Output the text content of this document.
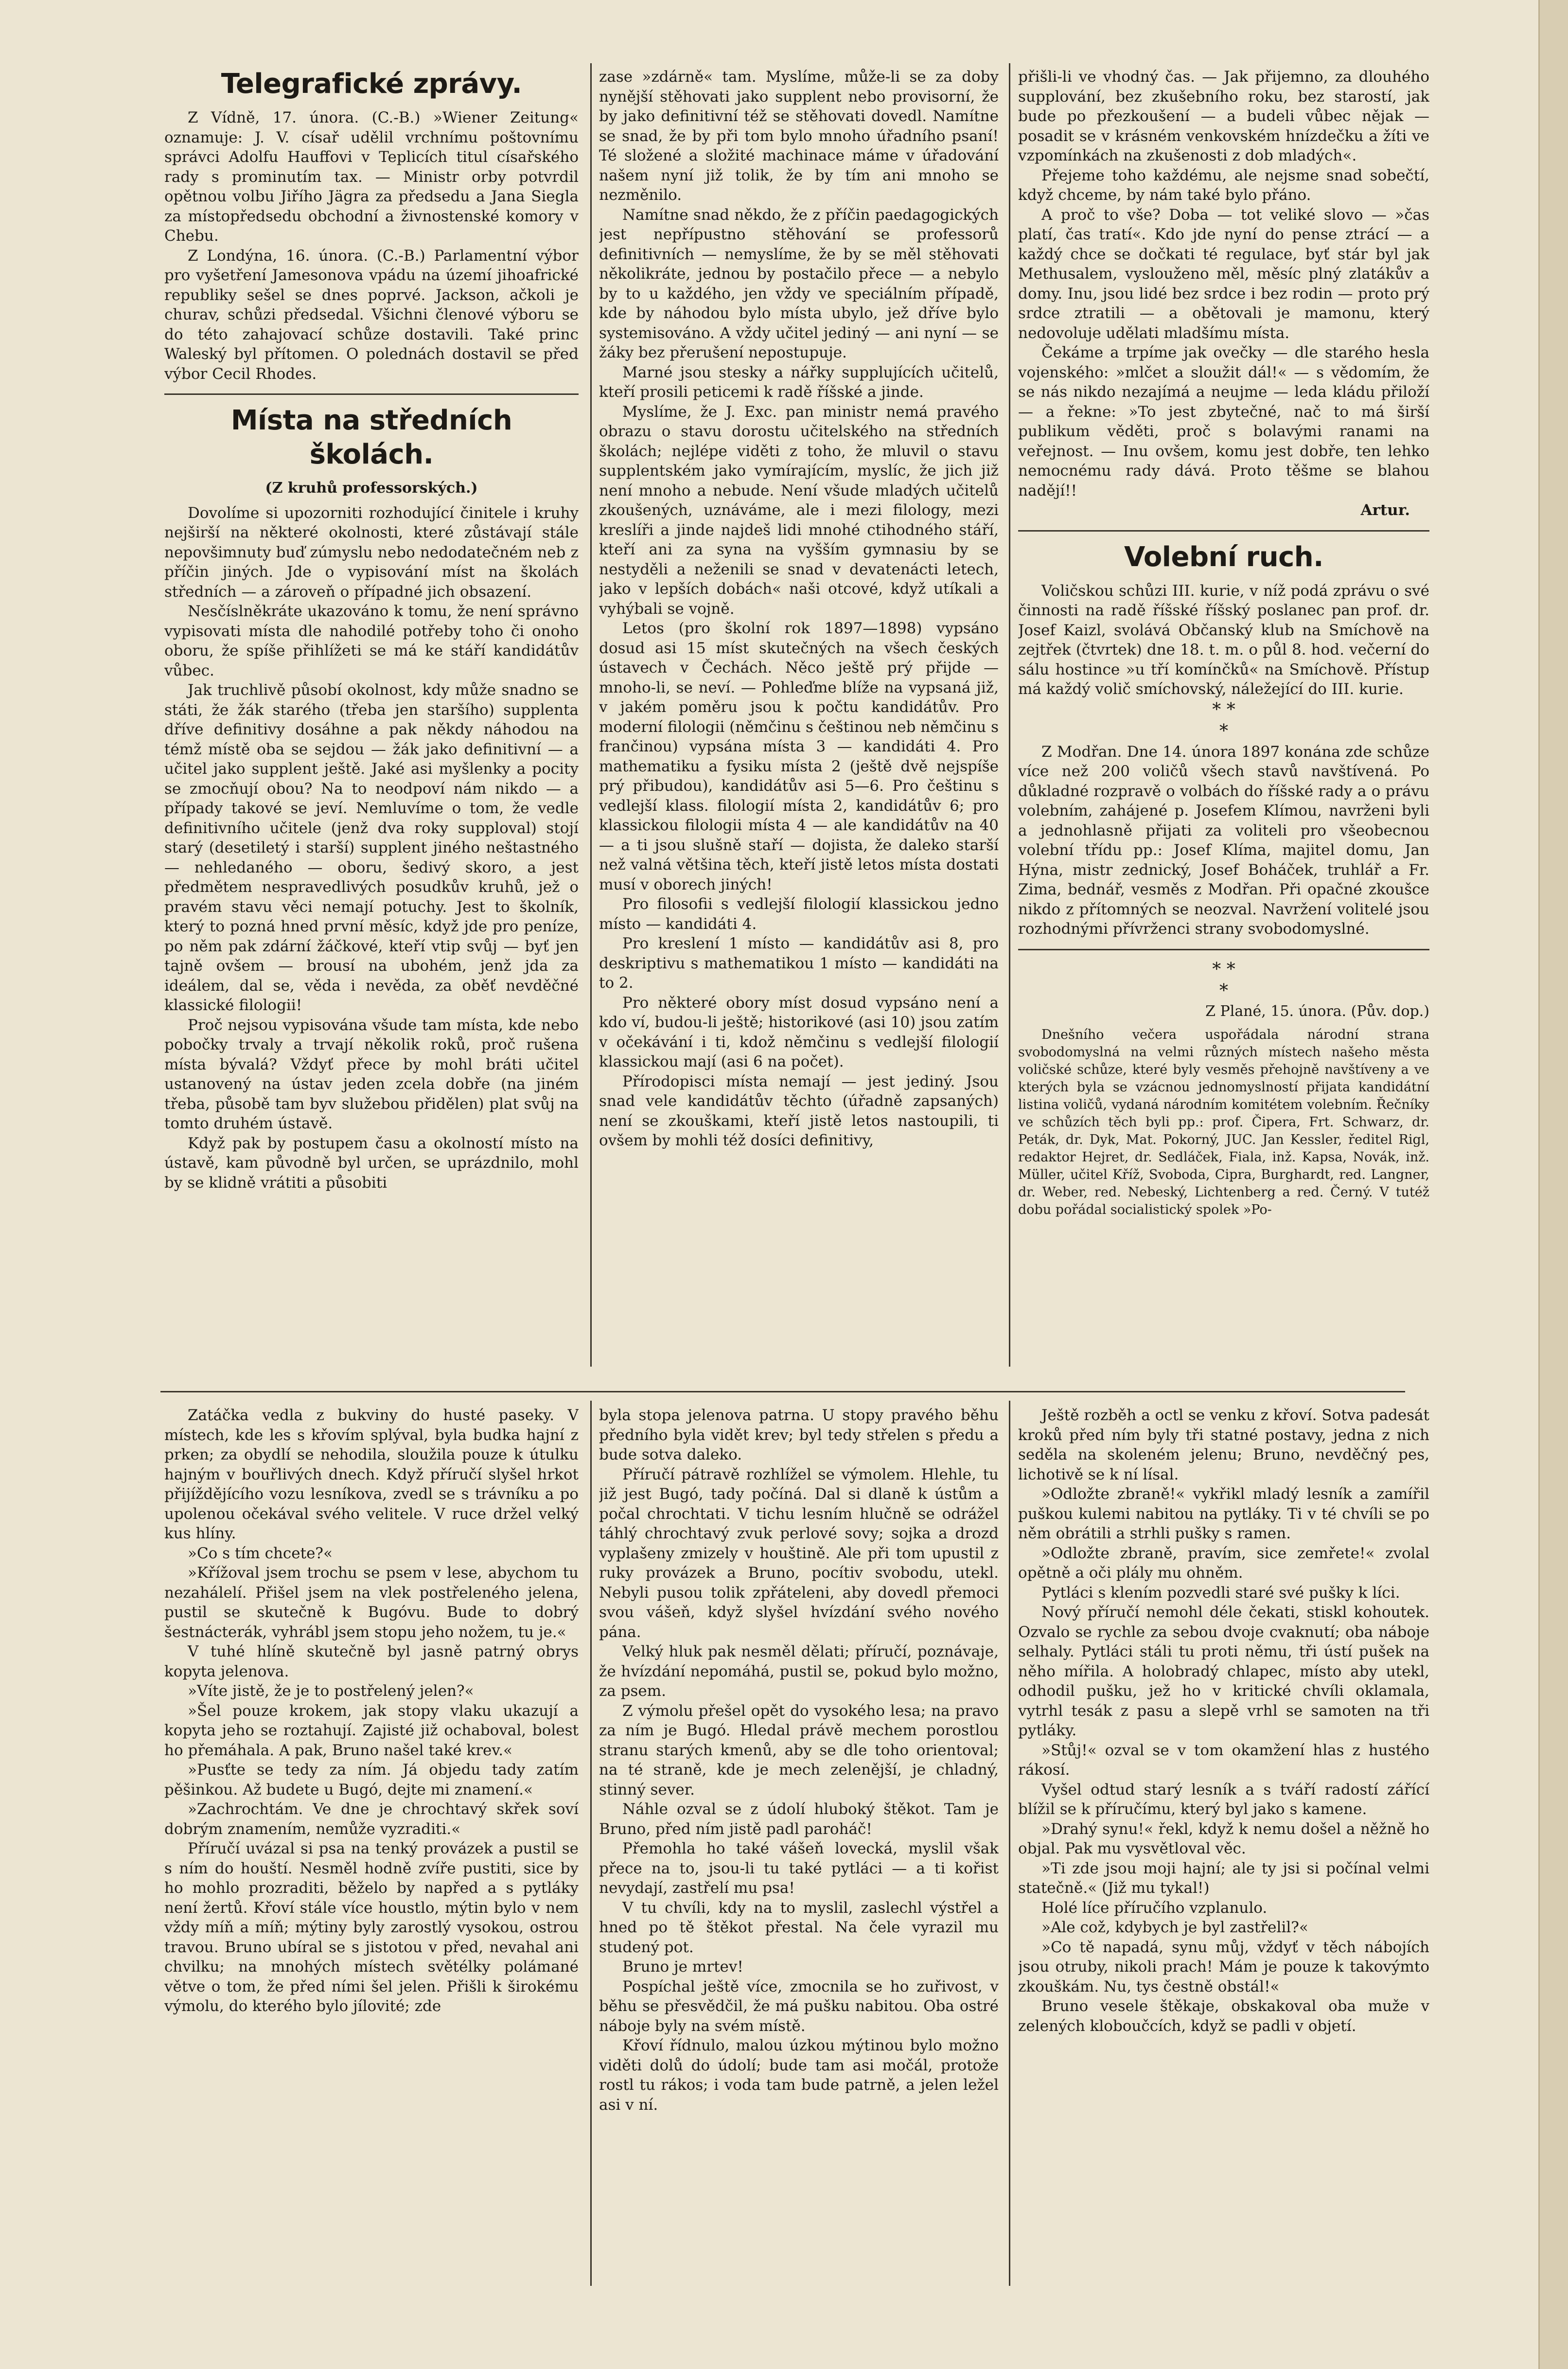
Telegrafické zprávy.

Z Vídně, 17. února. (C.-B.) »Wiener Zeitung« oznamuje: J. V. císař udělil vrchnímu poštovnímu správci Adolfu Hauffovi v Teplicích titul císařského rady s prominutím tax. — Ministr orby potvrdil opětnou volbu Jiřího Jägra za předsedu a Jana Siegla za místopředsedu obchodní a živnostenské komory v Chebu.

Z Londýna, 16. února. (C.-B.) Parlamentní výbor pro vyšetření Jamesonova vpádu na území jihoafrické republiky sešel se dnes poprvé. Jackson, ačkoli je churav, schůzi předsedal. Všichni členové výboru se do této zahajovací schůze dostavili. Také princ Waleský byl přítomen. O polednách dostavil se před výbor Cecil Rhodes.

Místa na středních školách.
(Z kruhů professorských.)

Dovolíme si upozorniti rozhodující činitele i kruhy nejširší na některé okolnosti, které zůstávají stále nepovšimnuty buď zúmyslu nebo nedodatečném neb z příčin jiných. Jde o vypisování míst na školách středních — a zároveň o případné jich obsazení.

Nesčíslněkráte ukazováno k tomu, že není správno vypisovati místa dle nahodilé potřeby toho či onoho oboru, že spíše přihlížeti se má ke stáří kandidátův vůbec.

Jak truchlivě působí okolnost, kdy může snadno se státi, že žák starého (třeba jen staršího) supplenta dříve definitivy dosáhne a pak někdy náhodou na témž místě oba se sejdou — žák jako definitivní — a učitel jako supplent ještě. Jaké asi myšlenky a pocity se zmocňují obou? Na to neodpoví nám nikdo — a případy takové se jeví. Nemluvíme o tom, že vedle definitivního učitele (jenž dva roky supploval) stojí starý (desetiletý i starší) supplent jiného neštastného — nehledaného — oboru, šedivý skoro, a jest předmětem nespravedlivých posudkův kruhů, jež o pravém stavu věci nemají potuchy. Jest to školník, který to pozná hned první měsíc, když jde pro peníze, po něm pak zdární žáčkové, kteří vtip svůj — byť jen tajně ovšem — brousí na ubohém, jenž jda za ideálem, dal se, věda i nevěda, za oběť nevděčné klassické filologii!

Proč nejsou vypisována všude tam místa, kde nebo pobočky trvaly a trvají několik roků, proč rušena místa bývalá? Vždyť přece by mohl bráti učitel ustanovený na ústav jeden zcela dobře (na jiném třeba, působě tam byv služebou přidělen) plat svůj na tomto druhém ústavě.

Když pak by postupem času a okolností místo na ústavě, kam původně byl určen, se uprázdnilo, mohl by se klidně vrátiti a působiti

zase »zdárně« tam. Myslíme, může-li se za doby nynější stěhovati jako supplent nebo provisorní, že by jako definitivní též se stěhovati dovedl. Namítne se snad, že by při tom bylo mnoho úřadního psaní! Té složené a složité machinace máme v úřadování našem nyní již tolik, že by tím ani mnoho se nezměnilo.

Namítne snad někdo, že z příčin paedagogických jest nepřípustno stěhování se professorů definitivních — nemyslíme, že by se měl stěhovati několikráte, jednou by postačilo přece — a nebylo by to u každého, jen vždy ve speciálním případě, kde by náhodou bylo místa ubylo, jež dříve bylo systemisováno. A vždy učitel jediný — ani nyní — se žáky bez přerušení nepostupuje.

Marné jsou stesky a nářky supplujících učitelů, kteří prosili peticemi k radě říšské a jinde.

Myslíme, že J. Exc. pan ministr nemá pravého obrazu o stavu dorostu učitelského na středních školách; nejlépe viděti z toho, že mluvil o stavu supplentském jako vymírajícím, myslíc, že jich již není mnoho a nebude. Není všude mladých učitelů zkoušených, uznáváme, ale i mezi filology, mezi kreslíři a jinde najdeš lidi mnohé ctihodného stáří, kteří ani za syna na vyšším gymnasiu by se nestyděli a neženili se snad v devatenácti letech, jako v lepších dobách« naši otcové, když utíkali a vyhýbali se vojně.

Letos (pro školní rok 1897—1898) vypsáno dosud asi 15 míst skutečných na všech českých ústavech v Čechách. Něco ještě prý přijde — mnoho-li, se neví. — Pohleďme blíže na vypsaná již, v jakém poměru jsou k počtu kandidátův. Pro moderní filologii (němčinu s češtinou neb němčinu s frančinou) vypsána místa 3 — kandidáti 4. Pro mathematiku a fysiku místa 2 (ještě dvě nejspíše prý přibudou), kandidátův asi 5—6. Pro češtinu s vedlejší klass. filologií místa 2, kandidátův 6; pro klassickou filologii místa 4 — ale kandidátův na 40 — a ti jsou slušně staří — dojista, že daleko starší než valná většina těch, kteří jistě letos místa dostati musí v oborech jiných!

Pro filosofii s vedlejší filologií klassickou jedno místo — kandidáti 4.

Pro kreslení 1 místo — kandidátův asi 8, pro deskriptivu s mathematikou 1 místo — kandidáti na to 2.

Pro některé obory míst dosud vypsáno není a kdo ví, budou-li ještě; historikové (asi 10) jsou zatím v očekávání i ti, kdož němčinu s vedlejší filologií klassickou mají (asi 6 na počet).

Přírodopisci místa nemají — jest jediný. Jsou snad vele kandidátův těchto (úřadně zapsaných) není se zkouškami, kteří jistě letos nastoupili, ti ovšem by mohli též dosíci definitivy,

přišli-li ve vhodný čas. — Jak přijemno, za dlouhého supplování, bez zkušebního roku, bez starostí, jak bude po přezkoušení — a budeli vůbec nějak — posadit se v krásném venkovském hnízdečku a žíti ve vzpomínkách na zkušenosti z dob mladých«.

Přejeme toho každému, ale nejsme snad sobečtí, když chceme, by nám také bylo přáno.

A proč to vše? Doba — tot veliké slovo — »čas platí, čas tratí«. Kdo jde nyní do pense ztrácí — a každý chce se dočkati té regulace, byť stár byl jak Methusalem, vyslouženo měl, měsíc plný zlatákův a domy. Inu, jsou lidé bez srdce i bez rodin — proto prý srdce ztratili — a obětovali je mamonu, který nedovoluje udělati mladšímu místa.

Čekáme a trpíme jak ovečky — dle starého hesla vojenského: »mlčet a sloužit dál!« — s vědomím, že se nás nikdo nezajímá a neujme — leda kládu přiloží — a řekne: »To jest zbytečné, nač to má širší publikum věděti, proč s bolavými ranami na veřejnost. — Inu ovšem, komu jest dobře, ten lehko nemocnému rady dává. Proto těšme se blahou nadějí!!

Artur.
Volební ruch.

Voličskou schůzi III. kurie, v níž podá zprávu o své činnosti na radě říšské říšský poslanec pan prof. dr. Josef Kaizl, svolává Občanský klub na Smíchově na zejtřek (čtvrtek) dne 18. t. m. o půl 8. hod. večerní do sálu hostince »u tří komínčků« na Smíchově. Přístup má každý volič smíchovský, náležející do III. kurie.

* *
*

Z Modřan. Dne 14. února 1897 konána zde schůze více než 200 voličů všech stavů navštívená. Po důkladné rozpravě o volbách do říšské rady a o právu volebním, zahájené p. Josefem Klímou, navrženi byli a jednohlasně přijati za voliteli pro všeobecnou volební třídu pp.: Josef Klíma, majitel domu, Jan Hýna, mistr zednický, Josef Boháček, truhlář a Fr. Zima, bednář, vesměs z Modřan. Při opačné zkoušce nikdo z přítomných se neozval. Navržení volitelé jsou rozhodnými přívrženci strany svobodomyslné.

* *
*
Z Plané, 15. února. (Pův. dop.)

Dnešního večera uspořádala národní strana svobodomyslná na velmi různých místech našeho města voličské schůze, které byly vesměs přehojně navštíveny a ve kterých byla se vzácnou jednomyslností přijata kandidátní listina voličů, vydaná národním komitétem volebním. Řečníky ve schůzích těch byli pp.: prof. Čipera, Frt. Schwarz, dr. Peták, dr. Dyk, Mat. Pokorný, JUC. Jan Kessler, ředitel Rigl, redaktor Hejret, dr. Sedláček, Fiala, inž. Kapsa, Novák, inž. Müller, učitel Kříž, Svoboda, Cipra, Burghardt, red. Langner, dr. Weber, red. Nebeský, Lichtenberg a red. Černý. V tutéž dobu pořádal socialistický spolek »Po-

Zatáčka vedla z bukviny do husté paseky. V místech, kde les s křovím splýval, byla budka hajní z prken; za obydlí se nehodila, sloužila pouze k útulku hajným v bouřlivých dnech. Když příručí slyšel hrkot přijíždějícího vozu lesníkova, zvedl se s trávníku a po upolenou očekával svého velitele. V ruce držel velký kus hlíny.

»Co s tím chcete?«

»Křížoval jsem trochu se psem v lese, abychom tu nezahálelí. Přišel jsem na vlek postřeleného jelena, pustil se skutečně k Bugóvu. Bude to dobrý šestnácterák, vyhrábl jsem stopu jeho nožem, tu je.«

V tuhé hlíně skutečně byl jasně patrný obrys kopyta jelenova.

»Víte jistě, že je to postřelený jelen?«

»Šel pouze krokem, jak stopy vlaku ukazují a kopyta jeho se roztahují. Zajisté již ochaboval, bolest ho přemáhala. A pak, Bruno našel také krev.«

»Pusťte se tedy za ním. Já objedu tady zatím pěšinkou. Až budete u Bugó, dejte mi znamení.«

»Zachrochtám. Ve dne je chrochtavý skřek soví dobrým znamením, nemůže vyzraditi.«

Příručí uvázal si psa na tenký provázek a pustil se s ním do houští. Nesměl hodně zvíře pustiti, sice by ho mohlo prozraditi, běželo by napřed a s pytláky není žertů. Křoví stále více houstlo, mýtin bylo v nem vždy míň a míň; mýtiny byly zarostlý vysokou, ostrou travou. Bruno ubíral se s jistotou v před, nevahal ani chvilku; na mnohých místech světélky polámané větve o tom, že před ními šel jelen. Přišli k širokému výmolu, do kterého bylo jílovité; zde

byla stopa jelenova patrna. U stopy pravého běhu předního byla vidět krev; byl tedy střelen s předu a bude sotva daleko.

Příručí pátravě rozhlížel se výmolem. Hlehle, tu již jest Bugó, tady počíná. Dal si dlaně k ústům a počal chrochtati. V tichu lesním hlučně se odrážel táhlý chrochtavý zvuk perlové sovy; sojka a drozd vyplašeny zmizely v houštině. Ale při tom upustil z ruky provázek a Bruno, pocítiv svobodu, utekl. Nebyli pusou tolik zpřáteleni, aby dovedl přemoci svou vášeň, když slyšel hvízdání svého nového pána.

Velký hluk pak nesměl dělati; příručí, poznávaje, že hvízdání nepomáhá, pustil se, pokud bylo možno, za psem.

Z výmolu přešel opět do vysokého lesa; na pravo za ním je Bugó. Hledal právě mechem porostlou stranu starých kmenů, aby se dle toho orientoval; na té straně, kde je mech zelenější, je chladný, stinný sever.

Náhle ozval se z údolí hluboký štěkot. Tam je Bruno, před ním jistě padl paroháč!

Přemohla ho také vášeň lovecká, myslil však přece na to, jsou-li tu také pytláci — a ti kořist nevydají, zastřelí mu psa!

V tu chvíli, kdy na to myslil, zaslechl výstřel a hned po tě štěkot přestal. Na čele vyrazil mu studený pot.

Bruno je mrtev!

Pospíchal ještě více, zmocnila se ho zuřivost, v běhu se přesvědčil, že má pušku nabitou. Oba ostré náboje byly na svém místě.

Křoví řídnulo, malou úzkou mýtinou bylo možno viděti dolů do údolí; bude tam asi močál, protože rostl tu rákos; i voda tam bude patrně, a jelen ležel asi v ní.

Ještě rozběh a octl se venku z křoví. Sotva padesát kroků před ním byly tři statné postavy, jedna z nich seděla na skoleném jelenu; Bruno, nevděčný pes, lichotivě se k ní lísal.

»Odložte zbraně!« vykřikl mladý lesník a zamířil puškou kulemi nabitou na pytláky. Ti v té chvíli se po něm obrátili a strhli pušky s ramen.

»Odložte zbraně, pravím, sice zemřete!« zvolal opětně a oči plály mu ohněm.

Pytláci s klením pozvedli staré své pušky k líci.

Nový příručí nemohl déle čekati, stiskl kohoutek. Ozvalo se rychle za sebou dvoje cvaknutí; oba náboje selhaly. Pytláci stáli tu proti němu, tři ústí pušek na něho mířila. A holobradý chlapec, místo aby utekl, odhodil pušku, jež ho v kritické chvíli oklamala, vytrhl tesák z pasu a slepě vrhl se samoten na tři pytláky.

»Stůj!« ozval se v tom okamžení hlas z hustého rákosí.

Vyšel odtud starý lesník a s tváří radostí zářící blížil se k příručímu, který byl jako s kamene.

»Drahý synu!« řekl, když k nemu došel a něžně ho objal. Pak mu vysvětloval věc.

»Ti zde jsou moji hajní; ale ty jsi si počínal velmi statečně.« (Již mu tykal!)

Holé líce příručího vzplanulo.

»Ale což, kdybych je byl zastřelil?«

»Co tě napadá, synu můj, vždyť v těch nábojích jsou otruby, nikoli prach! Mám je pouze k takovýmto zkouškám. Nu, tys čestně obstál!«

Bruno vesele štěkaje, obskakoval oba muže v zelených kloboučcích, když se padli v objetí.
